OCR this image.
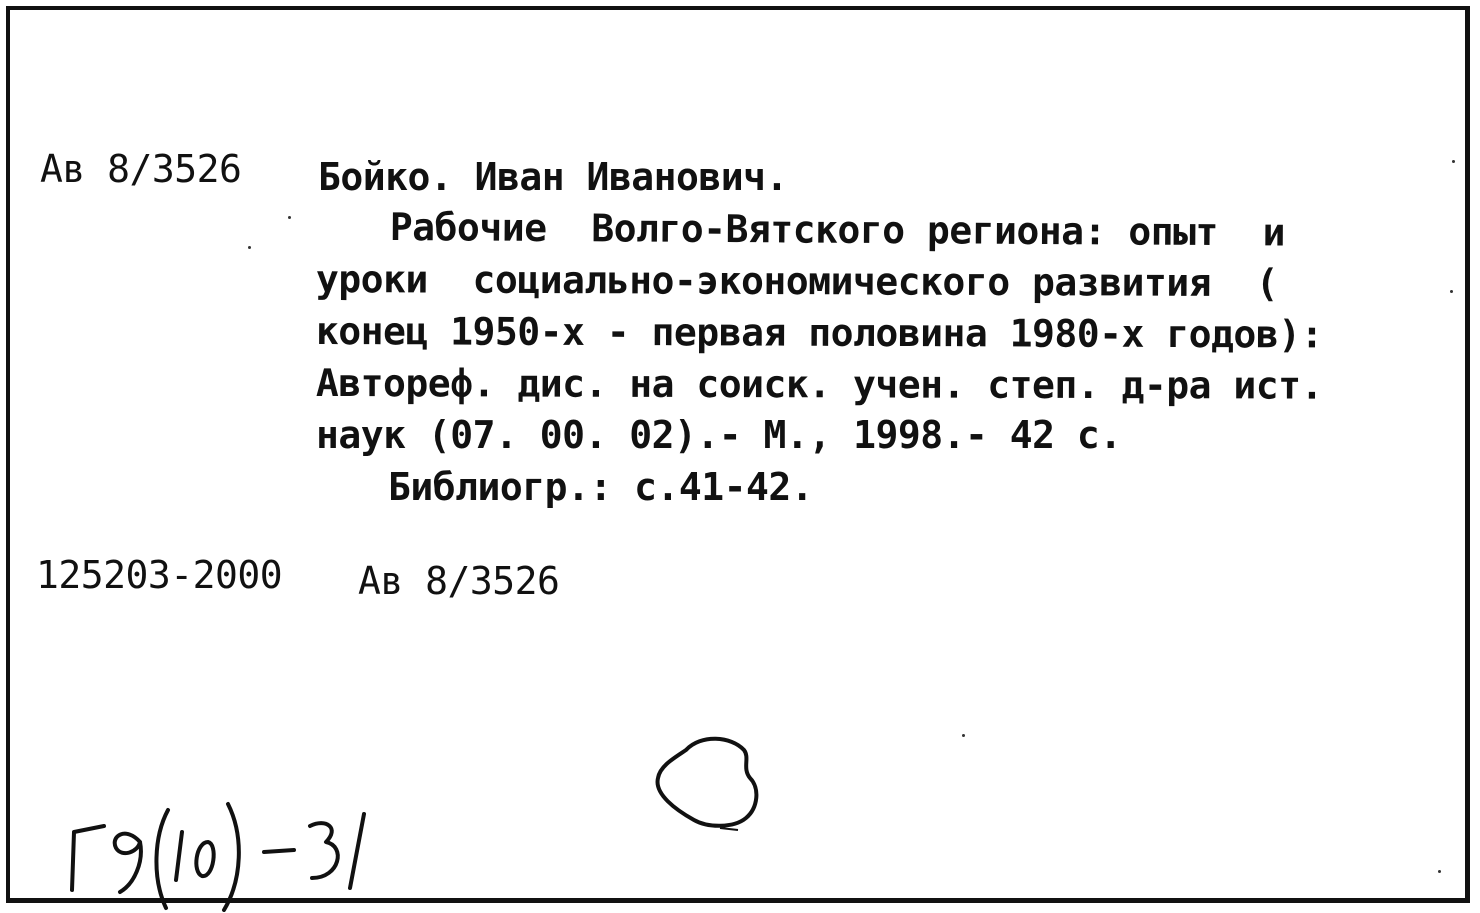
Ав 8/3526 Бойко. Иван Иванович.
Рабочие  Волго-Вятского региона: опыт  и
уроки  социально-экономического развития  (
конец 1950-х - первая половина 1980-х годов):
Автореф. дис. на соиск. учен. степ. д-ра ист.
наук (07. 00. 02).- М., 1998.- 42 с.
Библиогр.: с.41-42.
125203-2000 Ав 8/3526
